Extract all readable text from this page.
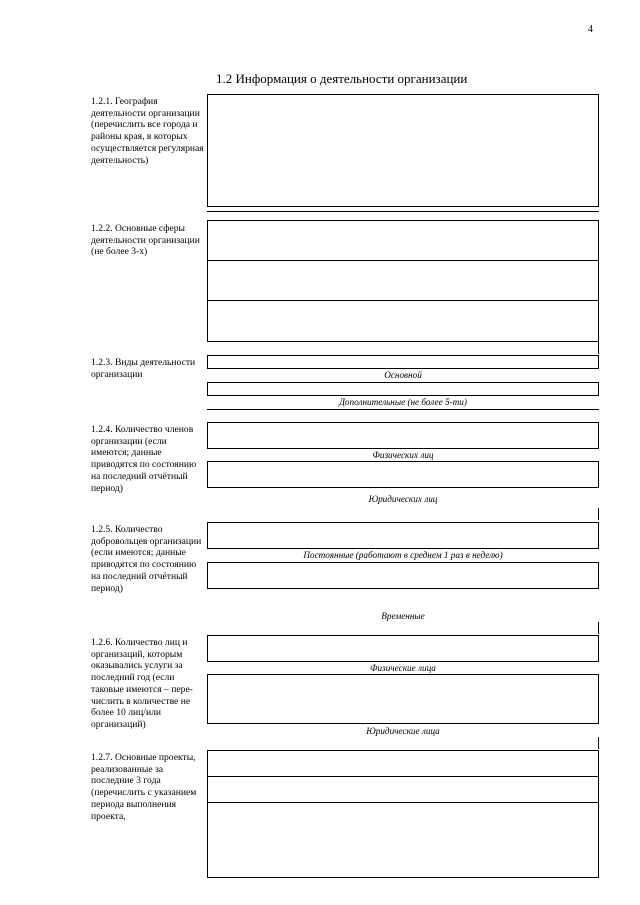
4
1.2 Информация о деятельности организации
1.2.1. География деятельности организации (перечислить все города и районы края, в которых осуществляется регулярная деятельность)
1.2.2. Основные сферы деятельности организации (не более 3-х)
1.2.3. Виды деятельности организации	Основной
Дополнительные (не более 5-ти)
1.2.4. Количество членов организации (если имеются; данные приводятся по состоянию на последний отчётный период)
Физических лиц
Юридических лиц
1.2.5. Количество добровольцев организации (если имеются; данные приводятся по состоянию на последний отчётный период)
Постоянные (работают в среднем 1 раз в неделю)
Временные
1.2.6. Количество лиц и организаций, которым оказывались услуги за последний год (если таковые имеются – пере-числить в количестве не более 10 лиц/или организаций)
Физические лица
Юридические лица
1.2.7. Основные проекты, реализованные за последние 3 года (перечислить с указанием периода выполнения проекта,
